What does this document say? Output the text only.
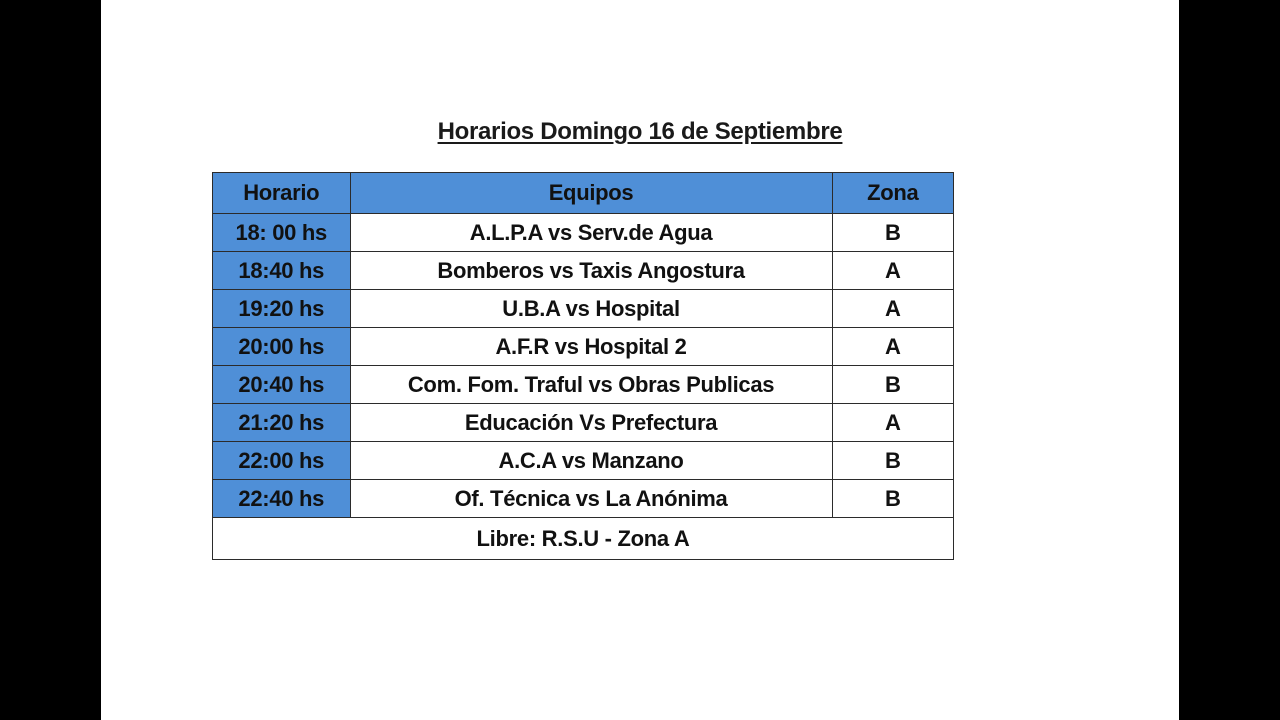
Horarios Domingo 16 de Septiembre
Horario	Equipos	Zona
18: 00 hs	A.L.P.A vs Serv.de Agua	B
18:40 hs	Bomberos vs Taxis Angostura	A
19:20 hs	U.B.A vs Hospital	A
20:00 hs	A.F.R vs Hospital 2	A
20:40 hs	Com. Fom. Traful vs Obras Publicas	B
21:20 hs	Educación Vs Prefectura	A
22:00 hs	A.C.A vs Manzano	B
22:40 hs	Of. Técnica vs La Anónima	B
Libre: R.S.U - Zona A		
